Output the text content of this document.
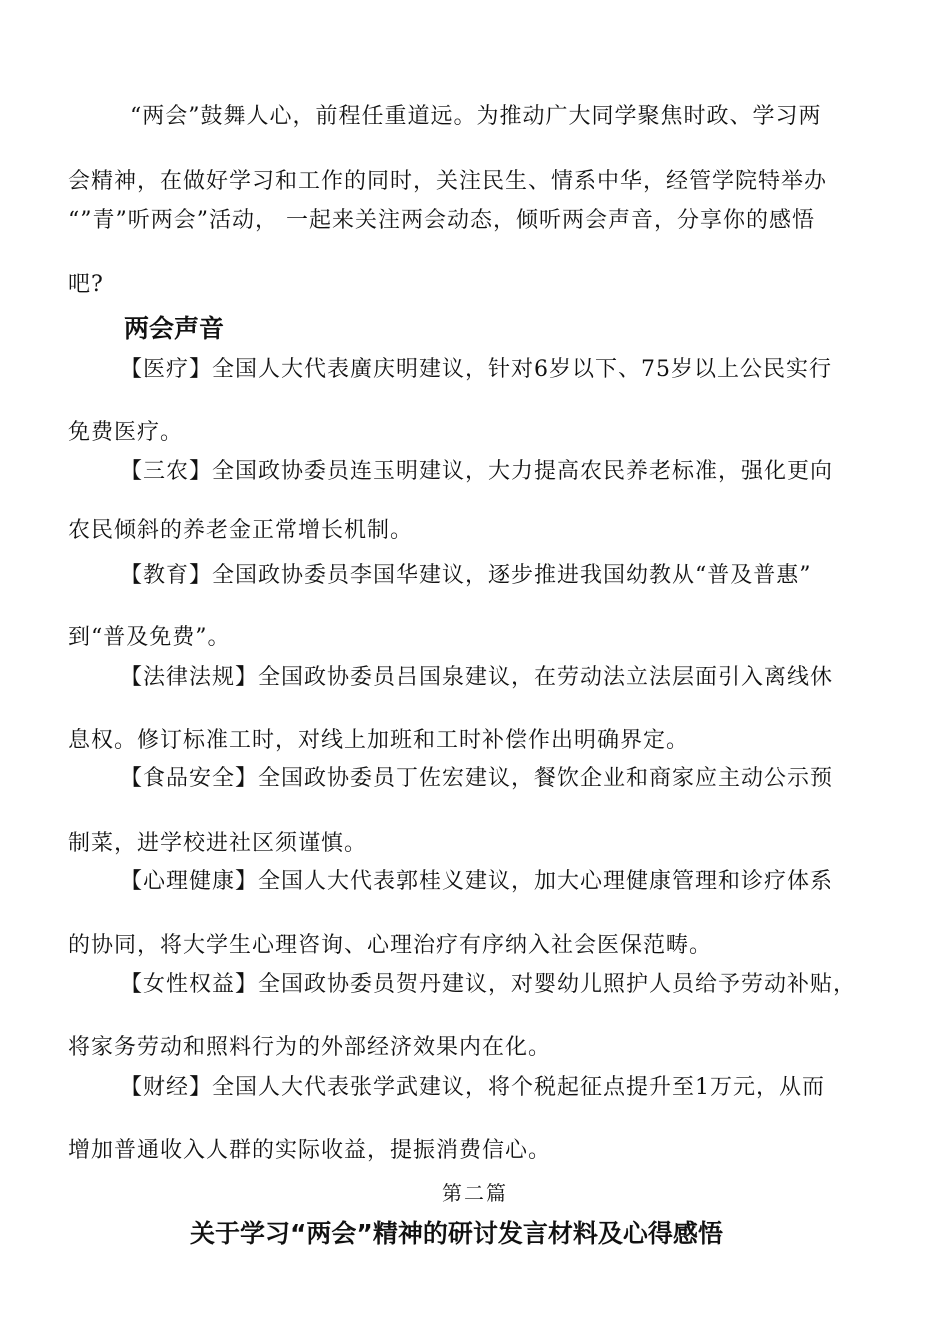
“两会”鼓舞人心，前程任重道远。为推动广大同学聚焦时政、学习两
会精神，在做好学习和工作的同时，关注民生、情系中华，经管学院特举办
“”青”听两会”活动， 一起来关注两会动态，倾听两会声音，分享你的感悟
吧?
两会声音
【医疗】全国人大代表廣庆明建议，针对6岁以下、75岁以上公民实行
免费医疗。
【三农】全国政协委员连玉明建议，大力提高农民养老标准，强化更向
农民倾斜的养老金正常增长机制。
【教育】全国政协委员李国华建议，逐步推进我国幼教从“普及普惠”
到“普及免费”。
【法律法规】全国政协委员吕国泉建议，在劳动法立法层面引入离线休
息权。修订标准工时，对线上加班和工时补偿作出明确界定。
【食品安全】全国政协委员丁佐宏建议，餐饮企业和商家应主动公示预
制菜，进学校进社区须谨慎。
【心理健康】全国人大代表郭桂义建议，加大心理健康管理和诊疗体系
的协同，将大学生心理咨询、心理治疗有序纳入社会医保范畴。
【女性权益】全国政协委员贺丹建议，对婴幼儿照护人员给予劳动补贴，
将家务劳动和照料行为的外部经济效果内在化。
【财经】全国人大代表张学武建议，将个税起征点提升至1万元，从而
增加普通收入人群的实际收益，提振消费信心。
第二篇
关于学习“两会”精神的研讨发言材料及心得感悟
